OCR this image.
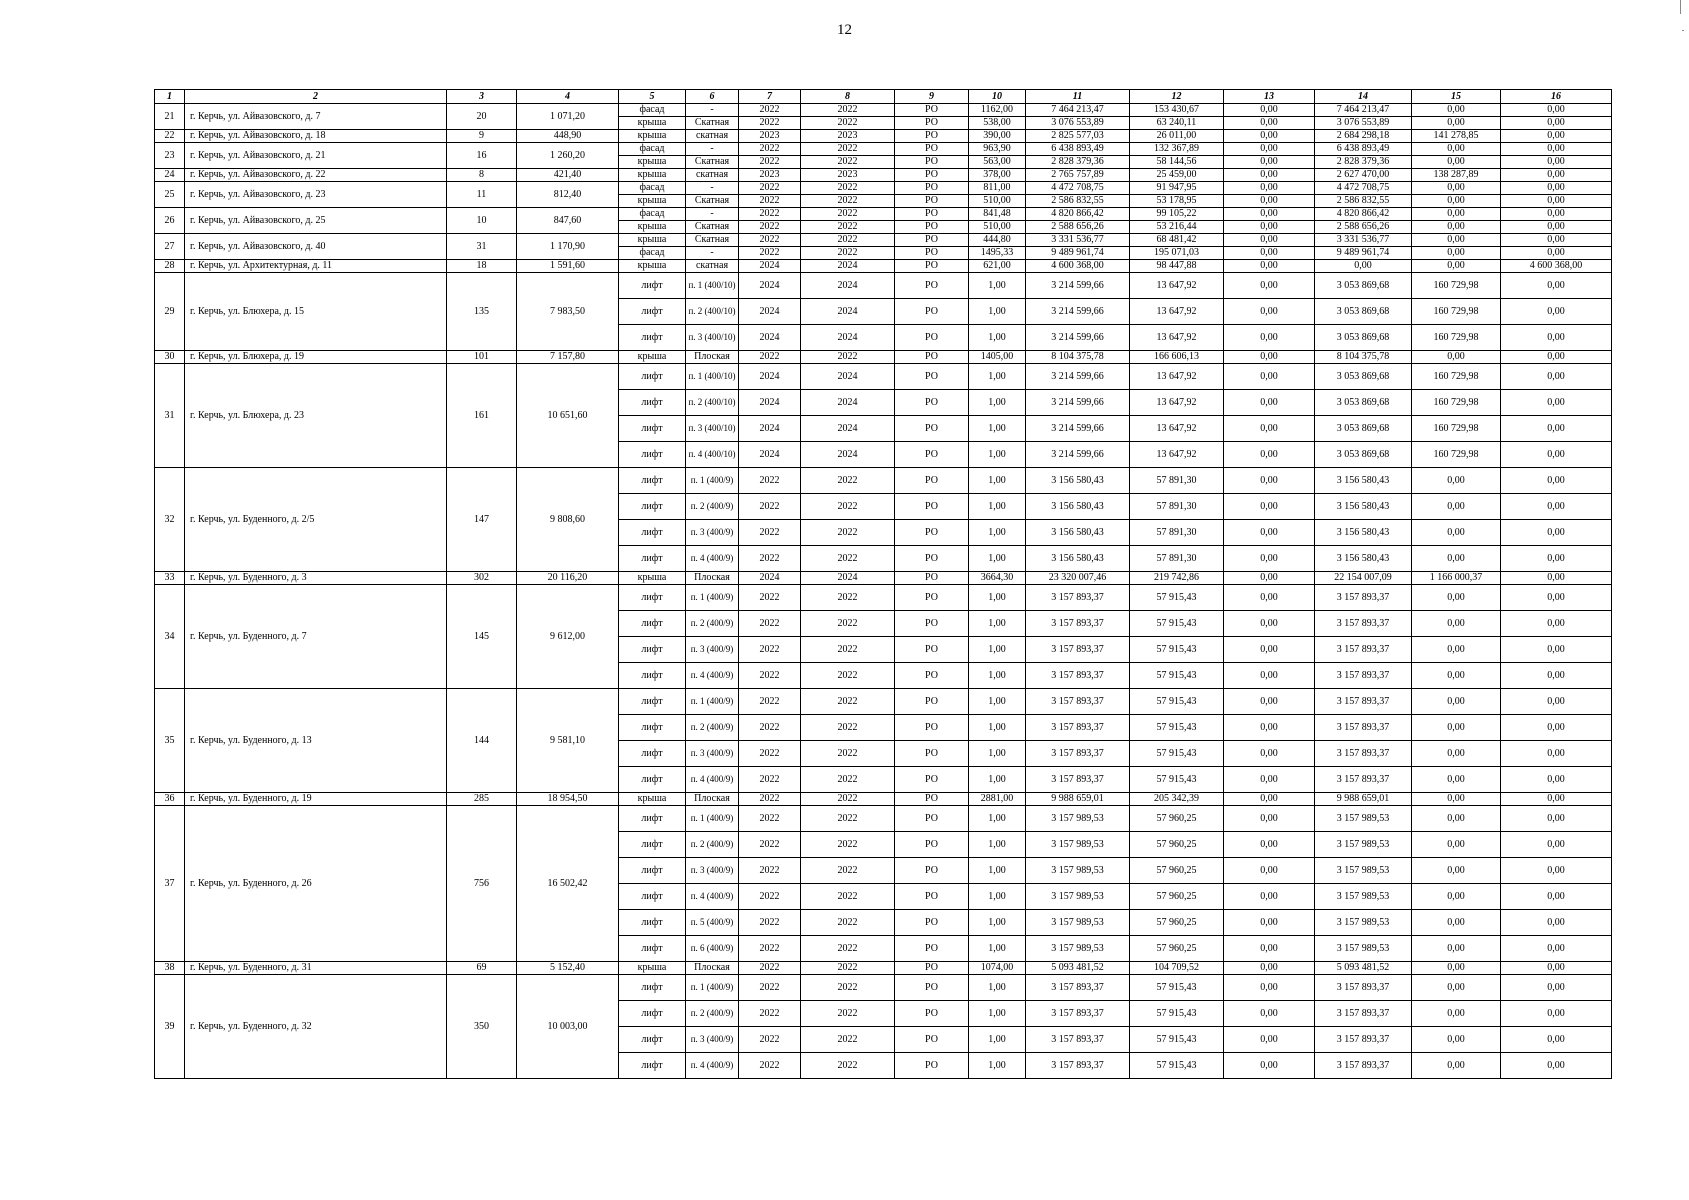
12
1	2	3	4	5	6	7	8	9	10	11	12	13	14	15	16
21	г. Керчь, ул. Айвазовского, д. 7	20	1 071,20	фасад	-	2022	2022	РО	1162,00	7 464 213,47	153 430,67	0,00	7 464 213,47	0,00	0,00
				крыша	Скатная	2022	2022	РО	538,00	3 076 553,89	63 240,11	0,00	3 076 553,89	0,00	0,00
22	г. Керчь, ул. Айвазовского, д. 18	9	448,90	крыша	скатная	2023	2023	РО	390,00	2 825 577,03	26 011,00	0,00	2 684 298,18	141 278,85	0,00
23	г. Керчь, ул. Айвазовского, д. 21	16	1 260,20	фасад	-	2022	2022	РО	963,90	6 438 893,49	132 367,89	0,00	6 438 893,49	0,00	0,00
				крыша	Скатная	2022	2022	РО	563,00	2 828 379,36	58 144,56	0,00	2 828 379,36	0,00	0,00
24	г. Керчь, ул. Айвазовского, д. 22	8	421,40	крыша	скатная	2023	2023	РО	378,00	2 765 757,89	25 459,00	0,00	2 627 470,00	138 287,89	0,00
25	г. Керчь, ул. Айвазовского, д. 23	11	812,40	фасад	-	2022	2022	РО	811,00	4 472 708,75	91 947,95	0,00	4 472 708,75	0,00	0,00
				крыша	Скатная	2022	2022	РО	510,00	2 586 832,55	53 178,95	0,00	2 586 832,55	0,00	0,00
26	г. Керчь, ул. Айвазовского, д. 25	10	847,60	фасад	-	2022	2022	РО	841,48	4 820 866,42	99 105,22	0,00	4 820 866,42	0,00	0,00
				крыша	Скатная	2022	2022	РО	510,00	2 588 656,26	53 216,44	0,00	2 588 656,26	0,00	0,00
27	г. Керчь, ул. Айвазовского, д. 40	31	1 170,90	крыша	Скатная	2022	2022	РО	444,80	3 331 536,77	68 481,42	0,00	3 331 536,77	0,00	0,00
				фасад	-	2022	2022	РО	1495,33	9 489 961,74	195 071,03	0,00	9 489 961,74	0,00	0,00
28	г. Керчь, ул. Архитектурная, д. 11	18	1 591,60	крыша	скатная	2024	2024	РО	621,00	4 600 368,00	98 447,88	0,00	0,00	0,00	4 600 368,00
29	г. Керчь, ул. Блюхера, д. 15	135	7 983,50	лифт	п. 1 (400/10)	2024	2024	РО	1,00	3 214 599,66	13 647,92	0,00	3 053 869,68	160 729,98	0,00
				лифт	п. 2 (400/10)	2024	2024	РО	1,00	3 214 599,66	13 647,92	0,00	3 053 869,68	160 729,98	0,00
				лифт	п. 3 (400/10)	2024	2024	РО	1,00	3 214 599,66	13 647,92	0,00	3 053 869,68	160 729,98	0,00
30	г. Керчь, ул. Блюхера, д. 19	101	7 157,80	крыша	Плоская	2022	2022	РО	1405,00	8 104 375,78	166 606,13	0,00	8 104 375,78	0,00	0,00
31	г. Керчь, ул. Блюхера, д. 23	161	10 651,60	лифт	п. 1 (400/10)	2024	2024	РО	1,00	3 214 599,66	13 647,92	0,00	3 053 869,68	160 729,98	0,00
				лифт	п. 2 (400/10)	2024	2024	РО	1,00	3 214 599,66	13 647,92	0,00	3 053 869,68	160 729,98	0,00
				лифт	п. 3 (400/10)	2024	2024	РО	1,00	3 214 599,66	13 647,92	0,00	3 053 869,68	160 729,98	0,00
				лифт	п. 4 (400/10)	2024	2024	РО	1,00	3 214 599,66	13 647,92	0,00	3 053 869,68	160 729,98	0,00
32	г. Керчь, ул. Буденного, д. 2/5	147	9 808,60	лифт	п. 1 (400/9)	2022	2022	РО	1,00	3 156 580,43	57 891,30	0,00	3 156 580,43	0,00	0,00
				лифт	п. 2 (400/9)	2022	2022	РО	1,00	3 156 580,43	57 891,30	0,00	3 156 580,43	0,00	0,00
				лифт	п. 3 (400/9)	2022	2022	РО	1,00	3 156 580,43	57 891,30	0,00	3 156 580,43	0,00	0,00
				лифт	п. 4 (400/9)	2022	2022	РО	1,00	3 156 580,43	57 891,30	0,00	3 156 580,43	0,00	0,00
33	г. Керчь, ул. Буденного, д. 3	302	20 116,20	крыша	Плоская	2024	2024	РО	3664,30	23 320 007,46	219 742,86	0,00	22 154 007,09	1 166 000,37	0,00
34	г. Керчь, ул. Буденного, д. 7	145	9 612,00	лифт	п. 1 (400/9)	2022	2022	РО	1,00	3 157 893,37	57 915,43	0,00	3 157 893,37	0,00	0,00
				лифт	п. 2 (400/9)	2022	2022	РО	1,00	3 157 893,37	57 915,43	0,00	3 157 893,37	0,00	0,00
				лифт	п. 3 (400/9)	2022	2022	РО	1,00	3 157 893,37	57 915,43	0,00	3 157 893,37	0,00	0,00
				лифт	п. 4 (400/9)	2022	2022	РО	1,00	3 157 893,37	57 915,43	0,00	3 157 893,37	0,00	0,00
35	г. Керчь, ул. Буденного, д. 13	144	9 581,10	лифт	п. 1 (400/9)	2022	2022	РО	1,00	3 157 893,37	57 915,43	0,00	3 157 893,37	0,00	0,00
				лифт	п. 2 (400/9)	2022	2022	РО	1,00	3 157 893,37	57 915,43	0,00	3 157 893,37	0,00	0,00
				лифт	п. 3 (400/9)	2022	2022	РО	1,00	3 157 893,37	57 915,43	0,00	3 157 893,37	0,00	0,00
				лифт	п. 4 (400/9)	2022	2022	РО	1,00	3 157 893,37	57 915,43	0,00	3 157 893,37	0,00	0,00
36	г. Керчь, ул. Буденного, д. 19	285	18 954,50	крыша	Плоская	2022	2022	РО	2881,00	9 988 659,01	205 342,39	0,00	9 988 659,01	0,00	0,00
37	г. Керчь, ул. Буденного, д. 26	756	16 502,42	лифт	п. 1 (400/9)	2022	2022	РО	1,00	3 157 989,53	57 960,25	0,00	3 157 989,53	0,00	0,00
				лифт	п. 2 (400/9)	2022	2022	РО	1,00	3 157 989,53	57 960,25	0,00	3 157 989,53	0,00	0,00
				лифт	п. 3 (400/9)	2022	2022	РО	1,00	3 157 989,53	57 960,25	0,00	3 157 989,53	0,00	0,00
				лифт	п. 4 (400/9)	2022	2022	РО	1,00	3 157 989,53	57 960,25	0,00	3 157 989,53	0,00	0,00
				лифт	п. 5 (400/9)	2022	2022	РО	1,00	3 157 989,53	57 960,25	0,00	3 157 989,53	0,00	0,00
				лифт	п. 6 (400/9)	2022	2022	РО	1,00	3 157 989,53	57 960,25	0,00	3 157 989,53	0,00	0,00
38	г. Керчь, ул. Буденного, д. 31	69	5 152,40	крыша	Плоская	2022	2022	РО	1074,00	5 093 481,52	104 709,52	0,00	5 093 481,52	0,00	0,00
39	г. Керчь, ул. Буденного, д. 32	350	10 003,00	лифт	п. 1 (400/9)	2022	2022	РО	1,00	3 157 893,37	57 915,43	0,00	3 157 893,37	0,00	0,00
				лифт	п. 2 (400/9)	2022	2022	РО	1,00	3 157 893,37	57 915,43	0,00	3 157 893,37	0,00	0,00
				лифт	п. 3 (400/9)	2022	2022	РО	1,00	3 157 893,37	57 915,43	0,00	3 157 893,37	0,00	0,00
				лифт	п. 4 (400/9)	2022	2022	РО	1,00	3 157 893,37	57 915,43	0,00	3 157 893,37	0,00	0,00
